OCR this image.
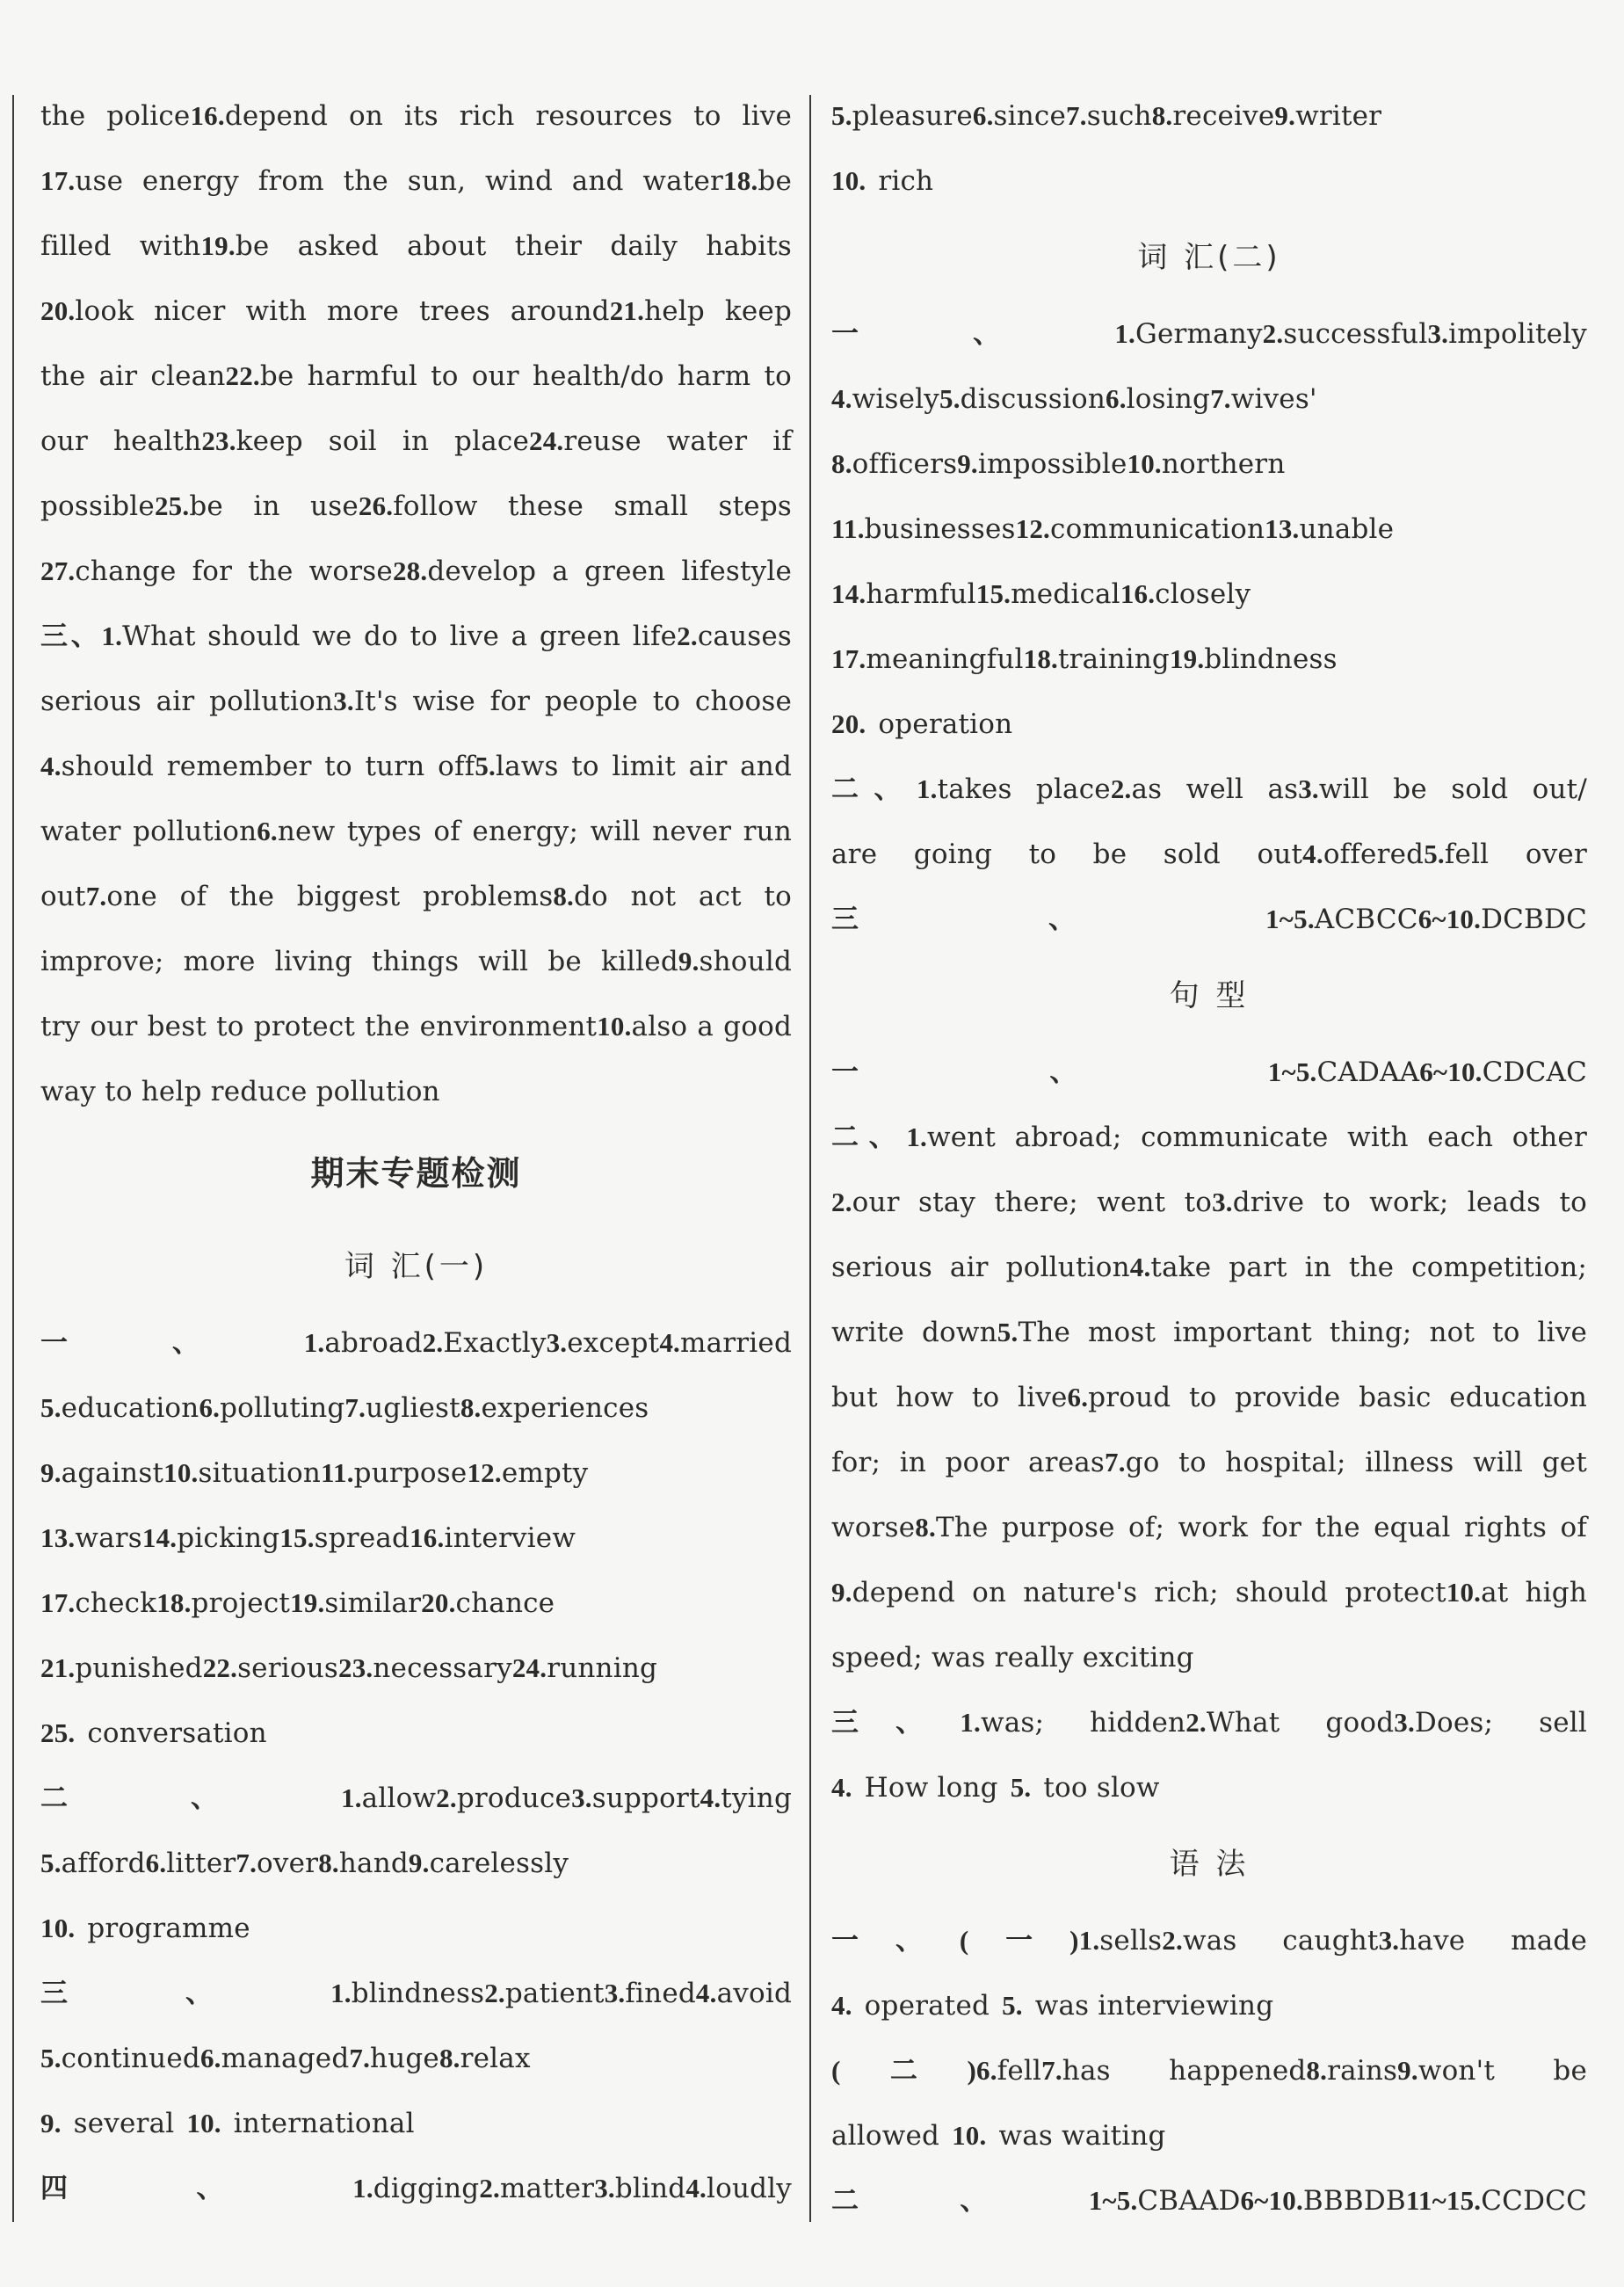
the police16.depend on its rich resources to live
17.use energy from the sun, wind and water18.be
filled with19.be asked about their daily habits
20.look nicer with more trees around21.help keep
the air clean22.be harmful to our health/do harm to
our health23.keep soil in place24.reuse water if
possible25.be in use26.follow these small steps
27.change for the worse28.develop a green lifestyle
三、1.What should we do to live a green life2.causes
serious air pollution3.It's wise for people to choose
4.should remember to turn off5.laws to limit air and
water pollution6.new types of energy; will never run
out7.one of the biggest problems8.do not act to
improve; more living things will be killed9.should
try our best to protect the environment10.also a good
way to help reduce pollution
期末专题检测
词 汇(一)
一、1.abroad2.Exactly3.except4.married
5.education6.polluting7.ugliest8.experiences
9.against10.situation11.purpose12.empty
13.wars14.picking15.spread16.interview
17.check18.project19.similar20.chance
21.punished22.serious23.necessary24.running
25. conversation
二、1.allow2.produce3.support4.tying
5.afford6.litter7.over8.hand9.carelessly
10. programme
三、1.blindness2.patient3.fined4.avoid
5.continued6.managed7.huge8.relax
9. several 10. international
四、1.digging2.matter3.blind4.loudly
5.pleasure6.since7.such8.receive9.writer
10. rich
词 汇(二)
一、1.Germany2.successful3.impolitely
4.wisely5.discussion6.losing7.wives'
8.officers9.impossible10.northern
11.businesses12.communication13.unable
14.harmful15.medical16.closely
17.meaningful18.training19.blindness
20. operation
二、1.takes place2.as well as3.will be sold out/
are going to be sold out4.offered5.fell over
三、1~5.ACBCC6~10.DCBDC
句 型
一、1~5.CADAA6~10.CDCAC
二、1.went abroad; communicate with each other
2.our stay there; went to3.drive to work; leads to
serious air pollution4.take part in the competition;
write down5.The most important thing; not to live
but how to live6.proud to provide basic education
for; in poor areas7.go to hospital; illness will get
worse8.The purpose of; work for the equal rights of
9.depend on nature's rich; should protect10.at high
speed; was really exciting
三、1.was; hidden2.What good3.Does; sell
4. How long 5. too slow
语 法
一、(一)1.sells2.was caught3.have made
4. operated 5. was interviewing
(二)6.fell7.has happened8.rains9.won't be
allowed 10. was waiting
二、1~5.CBAAD6~10.BBBDB11~15.CCDCC
